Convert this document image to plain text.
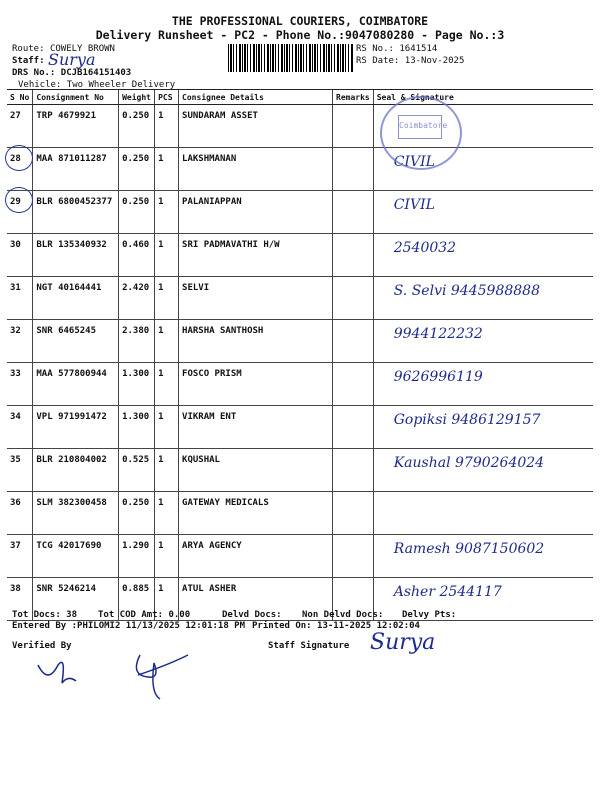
THE PROFESSIONAL COURIERS, COIMBATORE
Delivery Runsheet - PC2 - Phone No.:9047080280 - Page No.:3
Route: COWELY BROWN
Staff: Surya
DRS No.: DCJB164151403
Vehicle: Two Wheeler Delivery
RS No.: 1641514
RS Date: 13-Nov-2025
S No	Consignment No	Weight	PCS	Consignee Details	Remarks	Seal & Signature
27	TRP 4679921	0.250	1	SUNDARAM ASSET		
28	MAA 871011287	0.250	1	LAKSHMANAN		CIVIL
29	BLR 6800452377	0.250	1	PALANIAPPAN		CIVIL
30	BLR 135340932	0.460	1	SRI PADMAVATHI H/W		2540032
31	NGT 40164441	2.420	1	SELVI		S. Selvi 9445988888
32	SNR 6465245	2.380	1	HARSHA SANTHOSH		9944122232
33	MAA 577800944	1.300	1	FOSCO PRISM		9626996119
34	VPL 971991472	1.300	1	VIKRAM ENT		Gopiksi 9486129157
35	BLR 210804002	0.525	1	KQUSHAL		Kaushal 9790264024
36	SLM 382300458	0.250	1	GATEWAY MEDICALS		
37	TCG 42017690	1.290	1	ARYA AGENCY		Ramesh 9087150602
38	SNR 5246214	0.885	1	ATUL ASHER		Asher 2544117
Coimbatore
Tot Docs: 38 Tot COD Amt: 0.00	Delvd Docs: Non Delvd Docs: Delvy Pts:
Entered By :PHILOMI2 11/13/2025 12:01:18 PM Printed On: 13-11-2025 12:02:04
Verified By	Staff Signature Surya
